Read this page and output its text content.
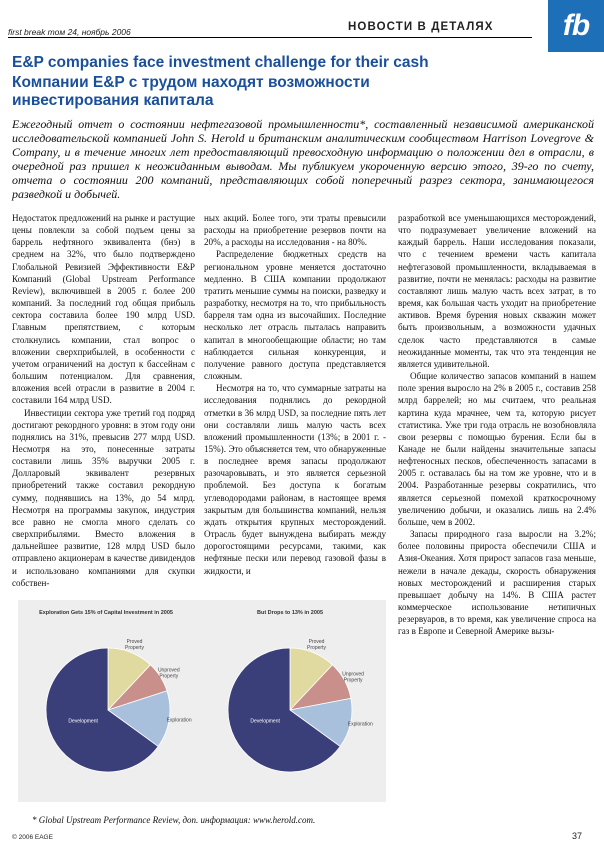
first break том 24, ноябрь 2006	НОВОСТИ В ДЕТАЛЯХ fb
E&P companies face investment challenge for their cash
Компании E&P с трудом находят возможности инвестирования капитала
Ежегодный отчет о состоянии нефтегазовой промышленности*, составленный независимой американской исследовательской компанией John S. Herold и британским аналитическим сообществом Harrison Lovegrove & Company, и в течение многих лет предоставляющий превосходную информацию о положении дел в отрасли, в очередной раз пришел к неожиданным выводам. Мы публикуем укороченную версию этого, 39-го по счету, отчета о состоянии 200 компаний, представляющих собой поперечный разрез сектора, занимающегося разведкой и добычей.

Недостаток предложений на рынке и растущие цены повлекли за собой подъем цены за баррель нефтяного эквивалента (бнэ) в среднем на 32%, что было подтверждено Глобальной Ревизией Эффективности E&P Компаний (Global Upstream Performance Review), включившей в 2005 г. более 200 компаний. За последний год общая прибыль сектора составила более 190 млрд USD. Главным препятствием, с которым столкнулись компании, стал вопрос о вложении сверхприбылей, в особенности с учетом ограничений на доступ к бассейнам с большим потенциалом. Для сравнения, вложения всей отрасли в развитие в 2004 г. составили 164 млрд USD.

Инвестиции сектора уже третий год подряд достигают рекордного уровня: в этом году они поднялись на 31%, превысив 277 млрд USD. Несмотря на это, понесенные затраты составили лишь 35% выручки 2005 г. Долларовый эквивалент резервных приобретений также составил рекордную сумму, поднявшись на 13%, до 54 млрд. Несмотря на программы закупок, индустрия все равно не смогла много сделать со сверхприбылями. Вместо вложения в дальнейшее развитие, 128 млрд USD было отправлено акционерам в качестве дивидендов и использовано компаниями для скупки собствен-

ных акций. Более того, эти траты превысили расходы на приобретение резервов почти на 20%, а расходы на исследования - на 80%.

Распределение бюджетных средств на региональном уровне меняется достаточно медленно. В США компании продолжают тратить меньшие суммы на поиски, разведку и разработку, несмотря на то, что прибыльность барреля там одна из высочайших. Последние несколько лет отрасль пыталась направить капитал в многообещающие области; но там наблюдается сильная конкуренция, и получение равного доступа представляется сложным.

Несмотря на то, что суммарные затраты на исследования поднялись до рекордной отметки в 36 млрд USD, за последние пять лет они составляли лишь малую часть всех вложений промышленности (13%; в 2001 г. - 15%). Это объясняется тем, что обнаруженные в последнее время запасы продолжают разочаровывать, и это является серьезной проблемой. Без доступа к богатым углеводородами районам, в настоящее время закрытым для большинства компаний, нельзя ждать открытия крупных месторождений. Отрасль будет вынуждена выбирать между дорогостоящими ресурсами, такими, как нефтяные пески или перевод газовой фазы в жидкости, и

разработкой все уменьшающихся месторождений, что подразумевает увеличение вложений на каждый баррель. Наши исследования показали, что с течением времени часть капитала нефтегазовой промышленности, вкладываемая в развитие, почти не менялась: расходы на развитие составляют лишь малую часть всех затрат, в то время, как большая часть уходит на приобретение активов. Время бурения новых скважин может быть произвольным, а возможности удачных сделок часто представляются в самые неожиданные моменты, так что эта тенденция не является удивительной.

Общие количество запасов компаний в нашем поле зрения выросло на 2% в 2005 г., составив 258 млрд баррелей; но мы считаем, что реальная картина куда мрачнее, чем та, которую рисует статистика. Уже три года отрасль не возобновляла свои резервы с помощью бурения. Если бы в Канаде не были найдены значительные запасы нефтеносных песков, обеспеченность запасами в 2005 г. оставалась бы на том же уровне, что и в 2004. Разработанные резервы сократились, что является серьезной помехой краткосрочному увеличению добычи, и оказались лишь на 2.4% больше, чем в 2002.

Запасы природного газа выросли на 3.2%; более половины прироста обеспечили США и Азия-Океания. Хотя прирост запасов газа меньше, нежели в начале декады, скорость обнаружения новых месторождений и расширения старых превышает добычу на 14%. В США растет коммерческое использование нетипичных резервуаров, в то время, как увеличение спроса на газ в Европе и Северной Америке вызы-

Exploration Gets 15% of Capital Investment in 2005
Proved Property
Unproved Property
Exploration
Development
But Drops to 13% in 2005
Proved Property
Unproved Property
Exploration
Development
* Global Upstream Performance Review, доп. информация: www.herold.com.
© 2006 EAGE	37
